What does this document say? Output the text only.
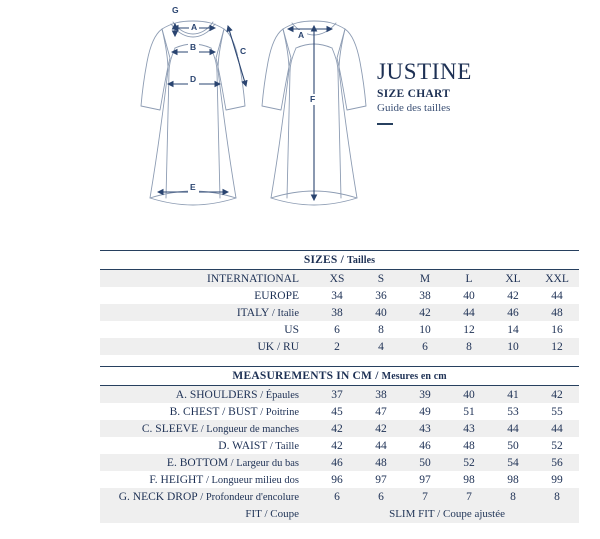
G
A
B	C
D
E
A
F
JUSTINE
SIZE CHART
Guide des tailles
SIZES / Tailles						
INTERNATIONAL	XS	S	M	L	XL	XXL
EUROPE	34	36	38	40	42	44
ITALY / Italie	38	40	42	44	46	48
US	6	8	10	12	14	16
UK / RU	2	4	6	8	10	12
MEASUREMENTS IN CM / Mesures en cm						
A. SHOULDERS / Épaules	37	38	39	40	41	42
B. CHEST / BUST / Poitrine	45	47	49	51	53	55
C. SLEEVE / Longueur de manches	42	42	43	43	44	44
D. WAIST / Taille	42	44	46	48	50	52
E. BOTTOM / Largeur du bas	46	48	50	52	54	56
F. HEIGHT / Longueur milieu dos	96	97	97	98	98	99
G. NECK DROP / Profondeur d'encolure	6	6	7	7	8	8
FIT / Coupe	SLIM FIT / Coupe ajustée					
